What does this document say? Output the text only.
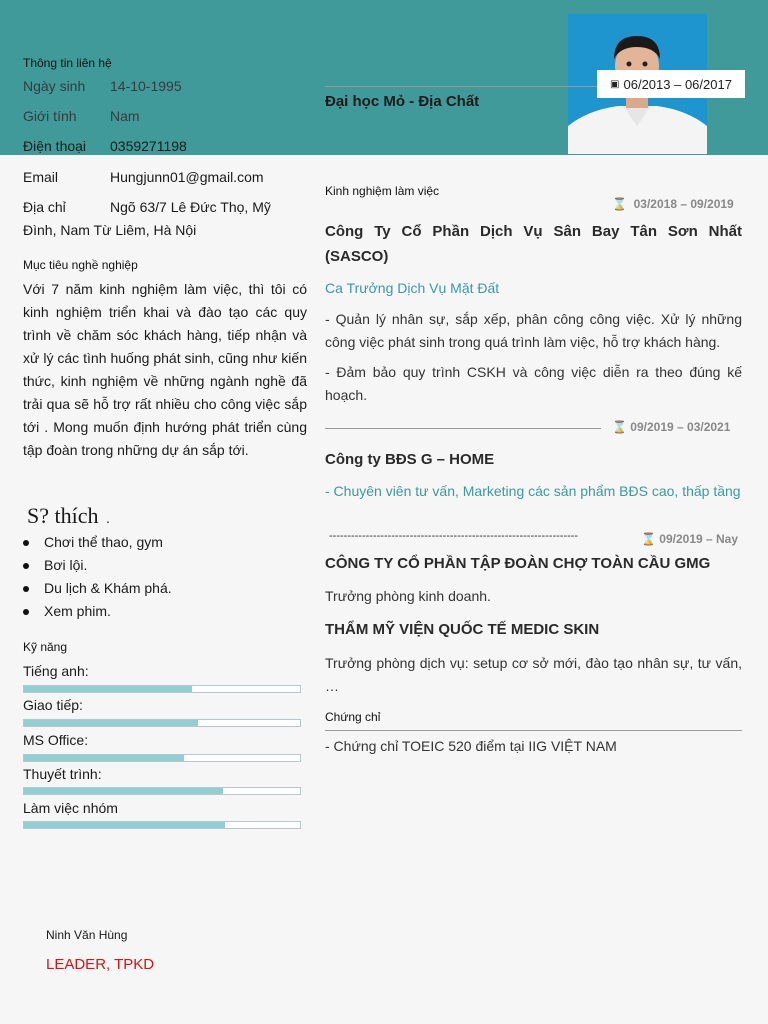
▣ 06/2013 – 06/2017
Đại học Mỏ - Địa Chất
Thông tin liên hệ
Ngày sinh 14-10-1995
Giới tính Nam
Điện thoại 0359271198
Email	Hungjunn01@gmail.com
Địa chỉ	Ngõ 63/7 Lê Đức Thọ, Mỹ
Đình, Nam Từ Liêm, Hà Nội
Mục tiêu nghề nghiệp
Với 7 năm kinh nghiệm làm việc, thì tôi có kinh nghiệm triển khai và đào tạo các quy trình về chăm sóc khách hàng, tiếp nhận và xử lý các tình huống phát sinh, cũng như kiến thức, kinh nghiệm về những ngành nghề đã trải qua sẽ hỗ trợ rất nhiều cho công việc sắp tới . Mong muốn định hướng phát triển cùng tập đoàn trong những dự án sắp tới.
S? thích .
Chơi thể thao, gym
Bơi lội.
Du lịch & Khám phá.
Xem phim.
Kỹ năng
Tiếng anh:
Giao tiếp:
MS Office:
Thuyết trình:
Làm việc nhóm
Ninh Văn Hùng
LEADER, TPKD
Kinh nghiệm làm việc
⌛ 03/2018 – 09/2019
Công Ty Cổ Phần Dịch Vụ Sân Bay Tân Sơn Nhất (SASCO)
Ca Trưởng Dịch Vụ Mặt Đất
- Quản lý nhân sự, sắp xếp, phân công công việc. Xử lý những công việc phát sinh trong quá trình làm việc, hỗ trợ khách hàng.
- Đảm bảo quy trình CSKH và công việc diễn ra theo đúng kế hoạch.
⌛ 09/2019 – 03/2021
Công ty BĐS G – HOME
- Chuyên viên tư vấn, Marketing các sản phẩm BĐS cao, thấp tầng
--------------------------------------------------------------------	⌛ 09/2019 – Nay
CÔNG TY CỔ PHẦN TẬP ĐOÀN CHỢ TOÀN CẦU GMG
Trưởng phòng kinh doanh.
THẨM MỸ VIỆN QUỐC TẾ MEDIC SKIN
Trưởng phòng dịch vụ: setup cơ sở mới, đào tạo nhân sự, tư vấn, …
Chứng chỉ
- Chứng chỉ TOEIC 520 điểm tại IIG VIỆT NAM
